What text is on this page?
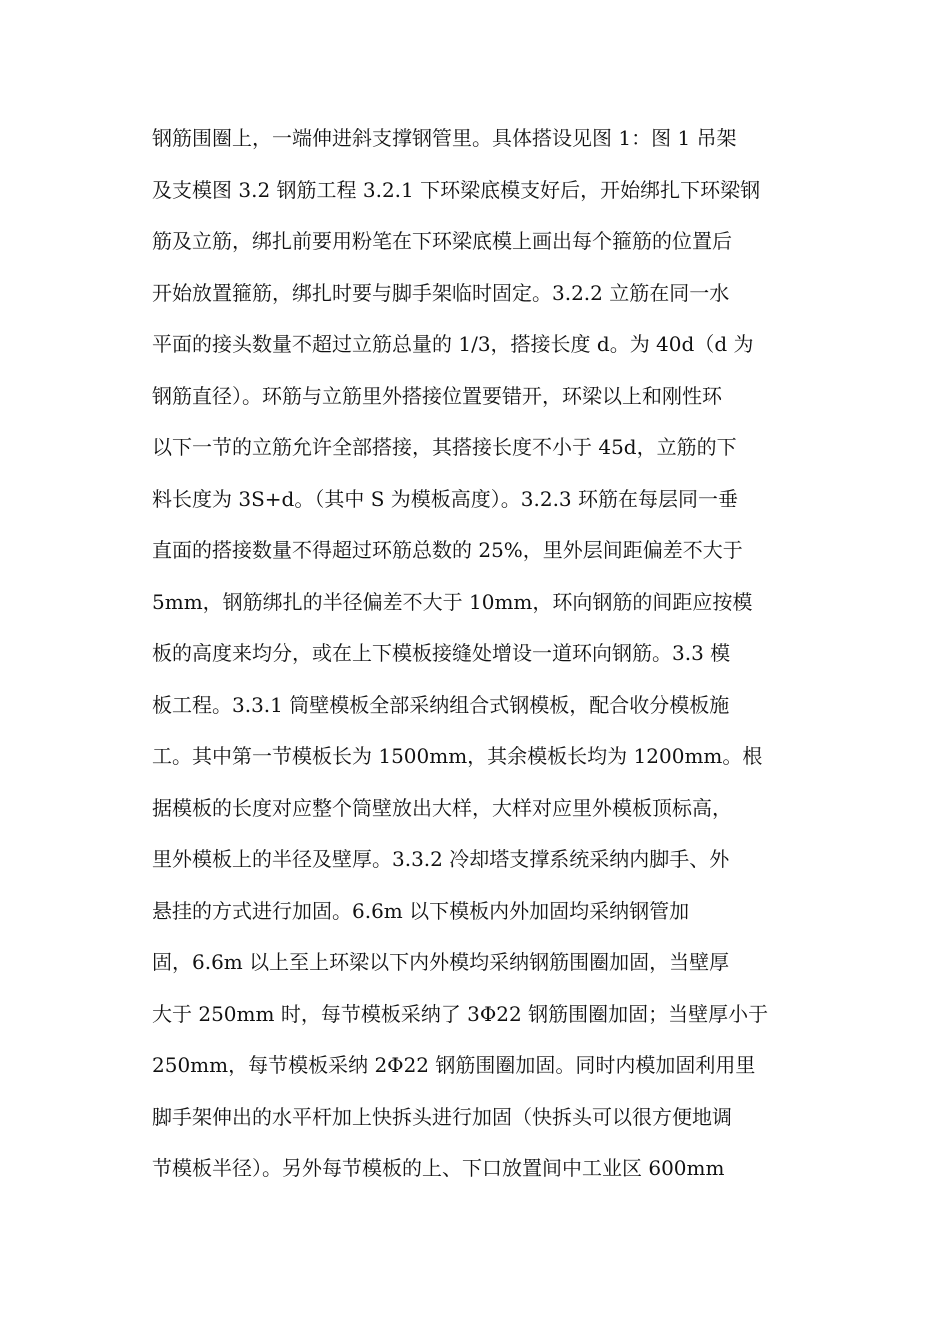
钢筋围圈上，一端伸进斜支撑钢管里。具体搭设见图 1：图 1 吊架
及支模图 3.2 钢筋工程 3.2.1 下环梁底模支好后，开始绑扎下环梁钢
筋及立筋，绑扎前要用粉笔在下环梁底模上画出每个箍筋的位置后
开始放置箍筋，绑扎时要与脚手架临时固定。3.2.2 立筋在同一水
平面的接头数量不超过立筋总量的 1/3，搭接长度 d。为 40d（d 为
钢筋直径）。环筋与立筋里外搭接位置要错开，环梁以上和刚性环
以下一节的立筋允许全部搭接，其搭接长度不小于 45d，立筋的下
料长度为 3S+d。（其中 S 为模板高度）。3.2.3 环筋在每层同一垂
直面的搭接数量不得超过环筋总数的 25%，里外层间距偏差不大于
5mm，钢筋绑扎的半径偏差不大于 10mm，环向钢筋的间距应按模
板的高度来均分，或在上下模板接缝处增设一道环向钢筋。3.3 模
板工程。3.3.1 筒壁模板全部采纳组合式钢模板，配合收分模板施
工。其中第一节模板长为 1500mm，其余模板长均为 1200mm。根
据模板的长度对应整个筒壁放出大样，大样对应里外模板顶标高，
里外模板上的半径及壁厚。3.3.2 冷却塔支撑系统采纳内脚手、外
悬挂的方式进行加固。6.6m 以下模板内外加固均采纳钢管加
固，6.6m 以上至上环梁以下内外模均采纳钢筋围圈加固，当壁厚
大于 250mm 时，每节模板采纳了 3Φ22 钢筋围圈加固；当壁厚小于
250mm，每节模板采纳 2Φ22 钢筋围圈加固。同时内模加固利用里
脚手架伸出的水平杆加上快拆头进行加固（快拆头可以很方便地调
节模板半径）。另外每节模板的上、下口放置间中工业区 600mm
